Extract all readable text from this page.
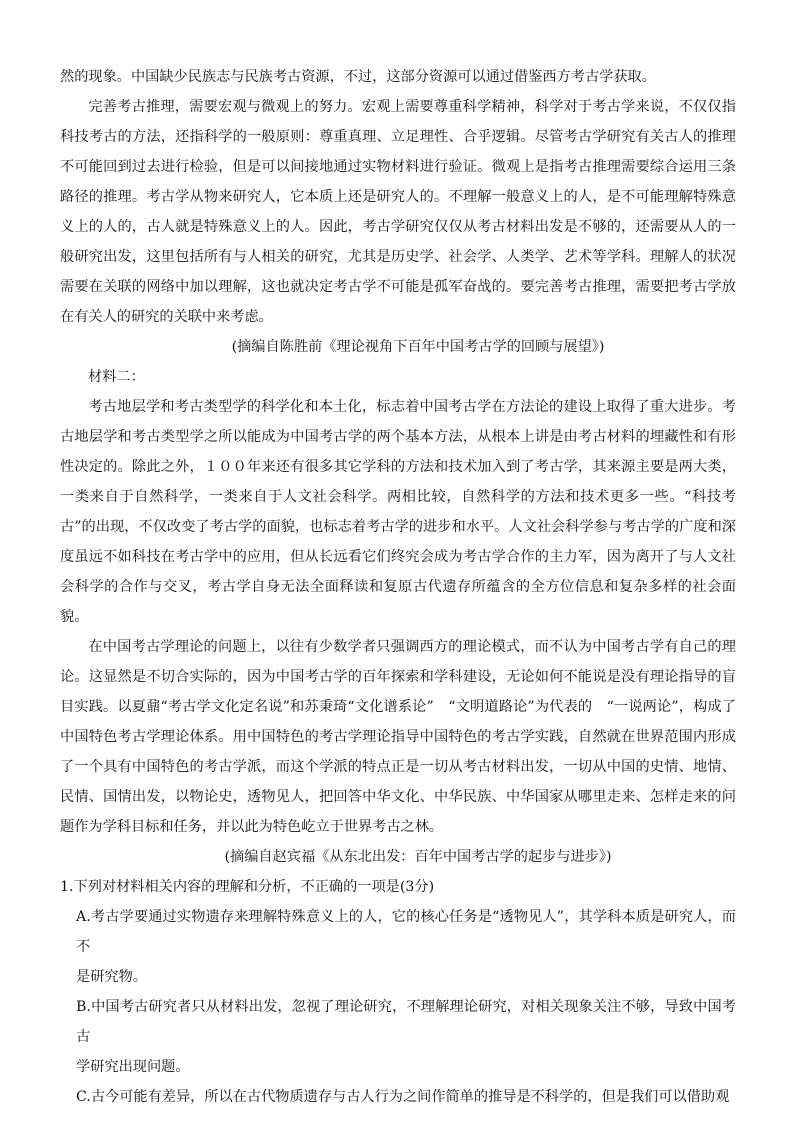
然的现象。中国缺少民族志与民族考古资源，不过，这部分资源可以通过借鉴西方考古学获取。

完善考古推理，需要宏观与微观上的努力。宏观上需要尊重科学精神，科学对于考古学来说，不仅仅指科技考古的方法，还指科学的一般原则：尊重真理、立足理性、合乎逻辑。尽管考古学研究有关古人的推理不可能回到过去进行检验，但是可以间接地通过实物材料进行验证。微观上是指考古推理需要综合运用三条路径的推理。考古学从物来研究人，它本质上还是研究人的。不理解一般意义上的人，是不可能理解特殊意义上的人的，古人就是特殊意义上的人。因此，考古学研究仅仅从考古材料出发是不够的，还需要从人的一般研究出发，这里包括所有与人相关的研究，尤其是历史学、社会学、人类学、艺术等学科。理解人的状况需要在关联的网络中加以理解，这也就决定考古学不可能是孤军奋战的。要完善考古推理，需要把考古学放在有关人的研究的关联中来考虑。

(摘编自陈胜前《理论视角下百年中国考古学的回顾与展望》)

材料二：

考古地层学和考古类型学的科学化和本土化，标志着中国考古学在方法论的建设上取得了重大进步。考古地层学和考古类型学之所以能成为中国考古学的两个基本方法，从根本上讲是由考古材料的埋藏性和有形性决定的。除此之外，１００年来还有很多其它学科的方法和技术加入到了考古学，其来源主要是两大类，一类来自于自然科学，一类来自于人文社会科学。两相比较，自然科学的方法和技术更多一些。“科技考古”的出现，不仅改变了考古学的面貌，也标志着考古学的进步和水平。人文社会科学参与考古学的广度和深度虽远不如科技在考古学中的应用，但从长远看它们终究会成为考古学合作的主力军，因为离开了与人文社会科学的合作与交叉，考古学自身无法全面释读和复原古代遗存所蕴含的全方位信息和复杂多样的社会面貌。

在中国考古学理论的问题上，以往有少数学者只强调西方的理论模式，而不认为中国考古学有自己的理论。这显然是不切合实际的，因为中国考古学的百年探索和学科建设，无论如何不能说是没有理论指导的盲目实践。以夏鼐“考古学文化定名说”和苏秉琦“文化谱系论”　“文明道路论”为代表的　“一说两论”，构成了中国特色考古学理论体系。用中国特色的考古学理论指导中国特色的考古学实践，自然就在世界范围内形成了一个具有中国特色的考古学派，而这个学派的特点正是一切从考古材料出发，一切从中国的史情、地情、民情、国情出发，以物论史，透物见人，把回答中华文化、中华民族、中华国家从哪里走来、怎样走来的问题作为学科目标和任务，并以此为特色屹立于世界考古之林。

(摘编自赵宾福《从东北出发：百年中国考古学的起步与进步》)

1.下列对材料相关内容的理解和分析，不正确的一项是(3分)

A.考古学要通过实物遗存来理解特殊意义上的人，它的核心任务是“透物见人”，其学科本质是研究人，而不

是研究物。

B.中国考古研究者只从材料出发，忽视了理论研究，不理解理论研究，对相关现象关注不够，导致中国考古

学研究出现问题。

C.古今可能有差异，所以在古代物质遗存与古人行为之间作简单的推导是不科学的，但是我们可以借助观
